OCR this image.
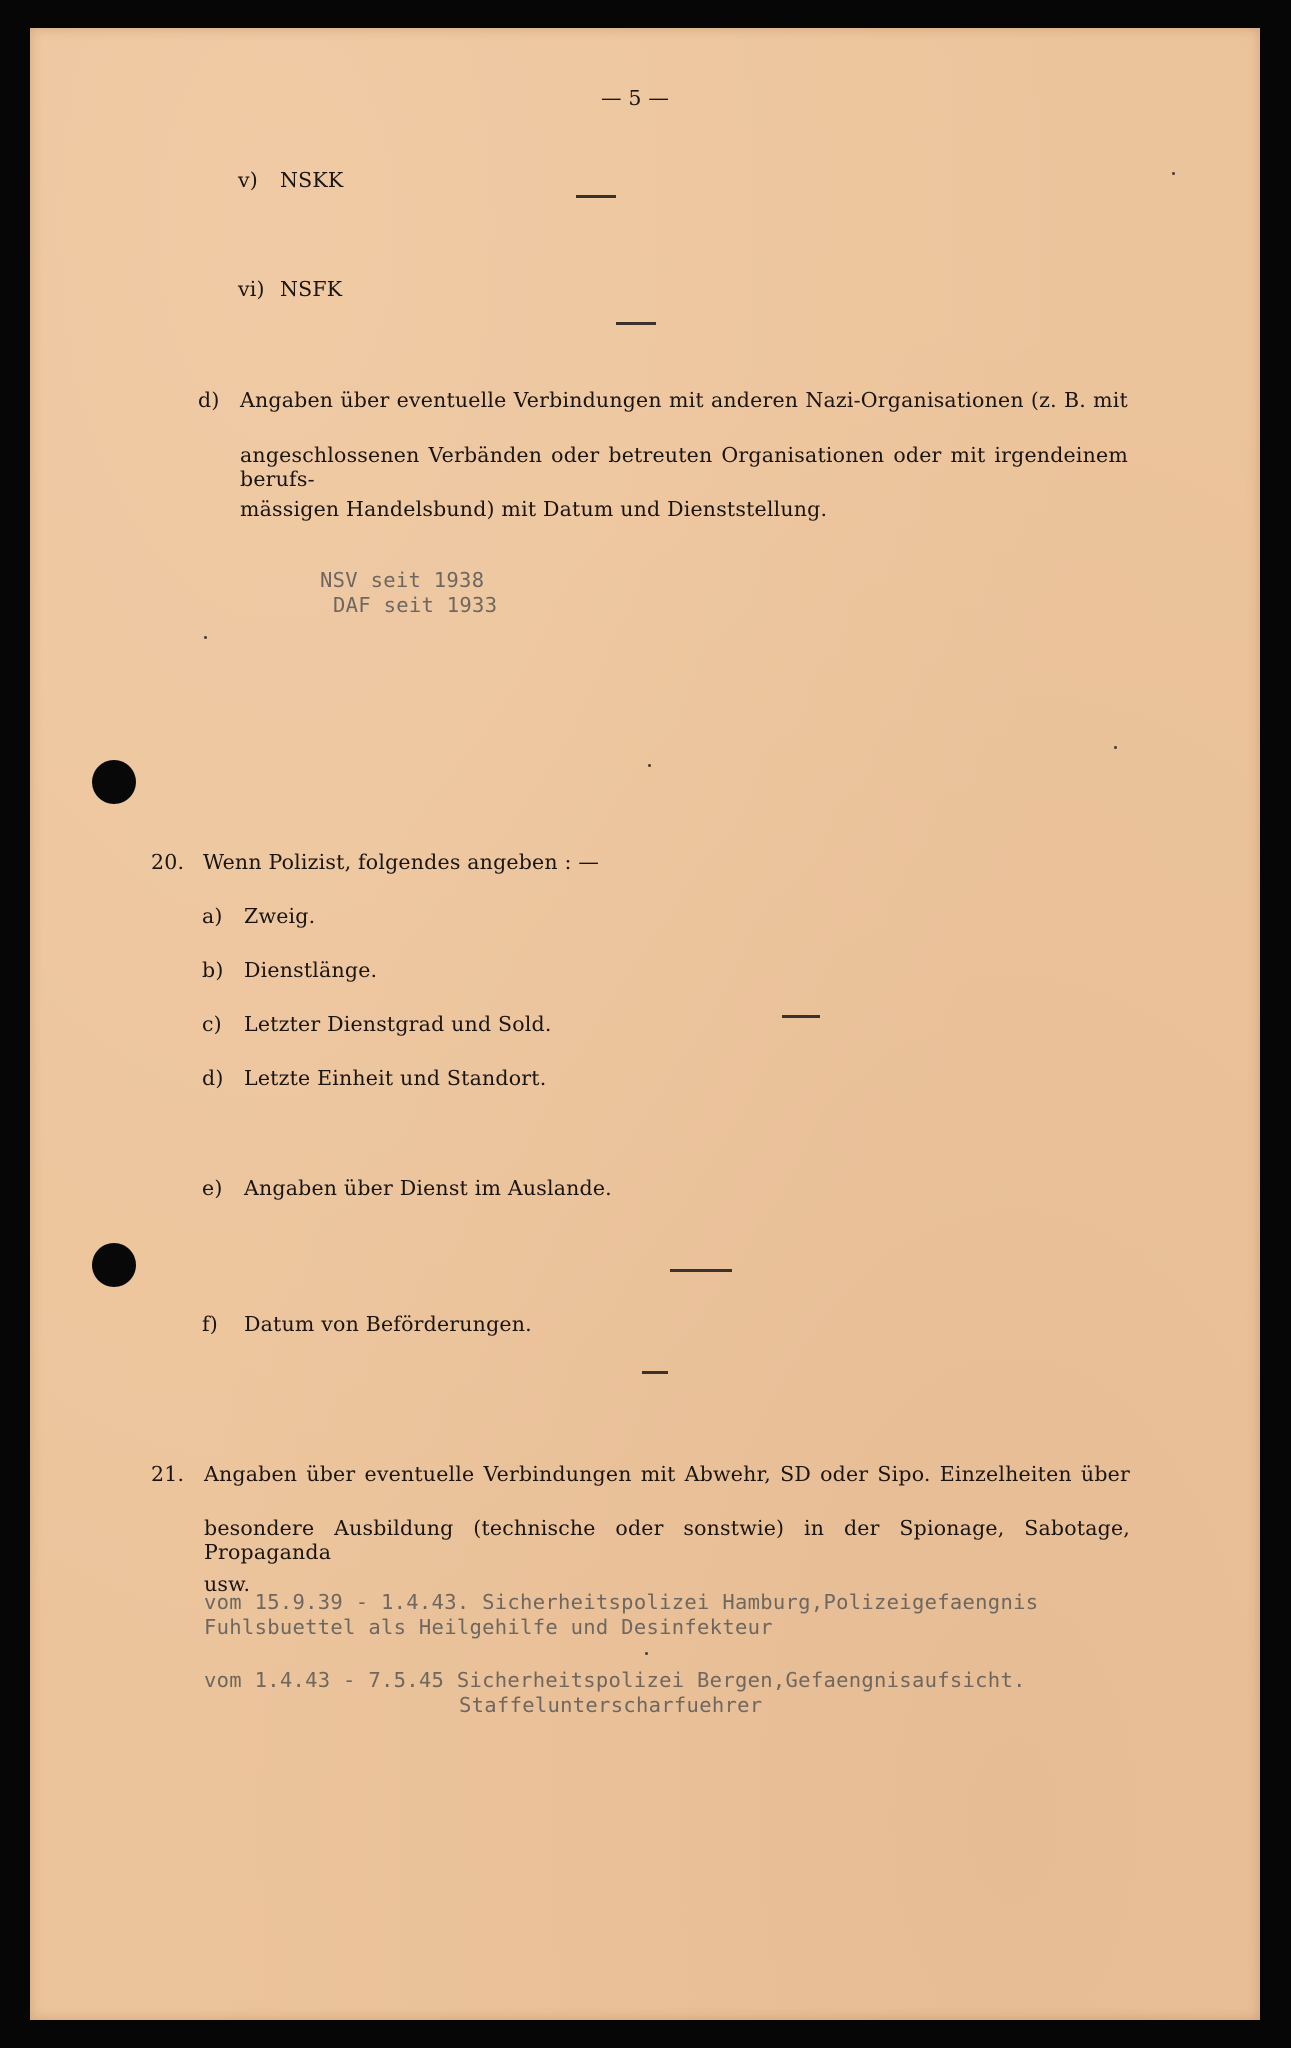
— 5 —
v) NSKK
vi) NSFK
d) Angaben über eventuelle Verbindungen mit anderen Nazi-Organisationen (z. B. mit
angeschlossenen Verbänden oder betreuten Organisationen oder mit irgendeinem berufs-
mässigen Handelsbund) mit Datum und Dienststellung.
NSV seit 1938
DAF seit 1933
20. Wenn Polizist, folgendes angeben : —
a) Zweig.
b) Dienstlänge.
c) Letzter Dienstgrad und Sold.
d) Letzte Einheit und Standort.
e) Angaben über Dienst im Auslande.
f) Datum von Beförderungen.
21. Angaben über eventuelle Verbindungen mit Abwehr, SD oder Sipo. Einzelheiten über
besondere Ausbildung (technische oder sonstwie) in der Spionage, Sabotage, Propaganda
usw.
vom 15.9.39 - 1.4.43. Sicherheitspolizei Hamburg,Polizeigefaengnis
Fuhlsbuettel als Heilgehilfe und Desinfekteur
vom 1.4.43 - 7.5.45 Sicherheitspolizei Bergen,Gefaengnisaufsicht.
Staffelunterscharfuehrer
